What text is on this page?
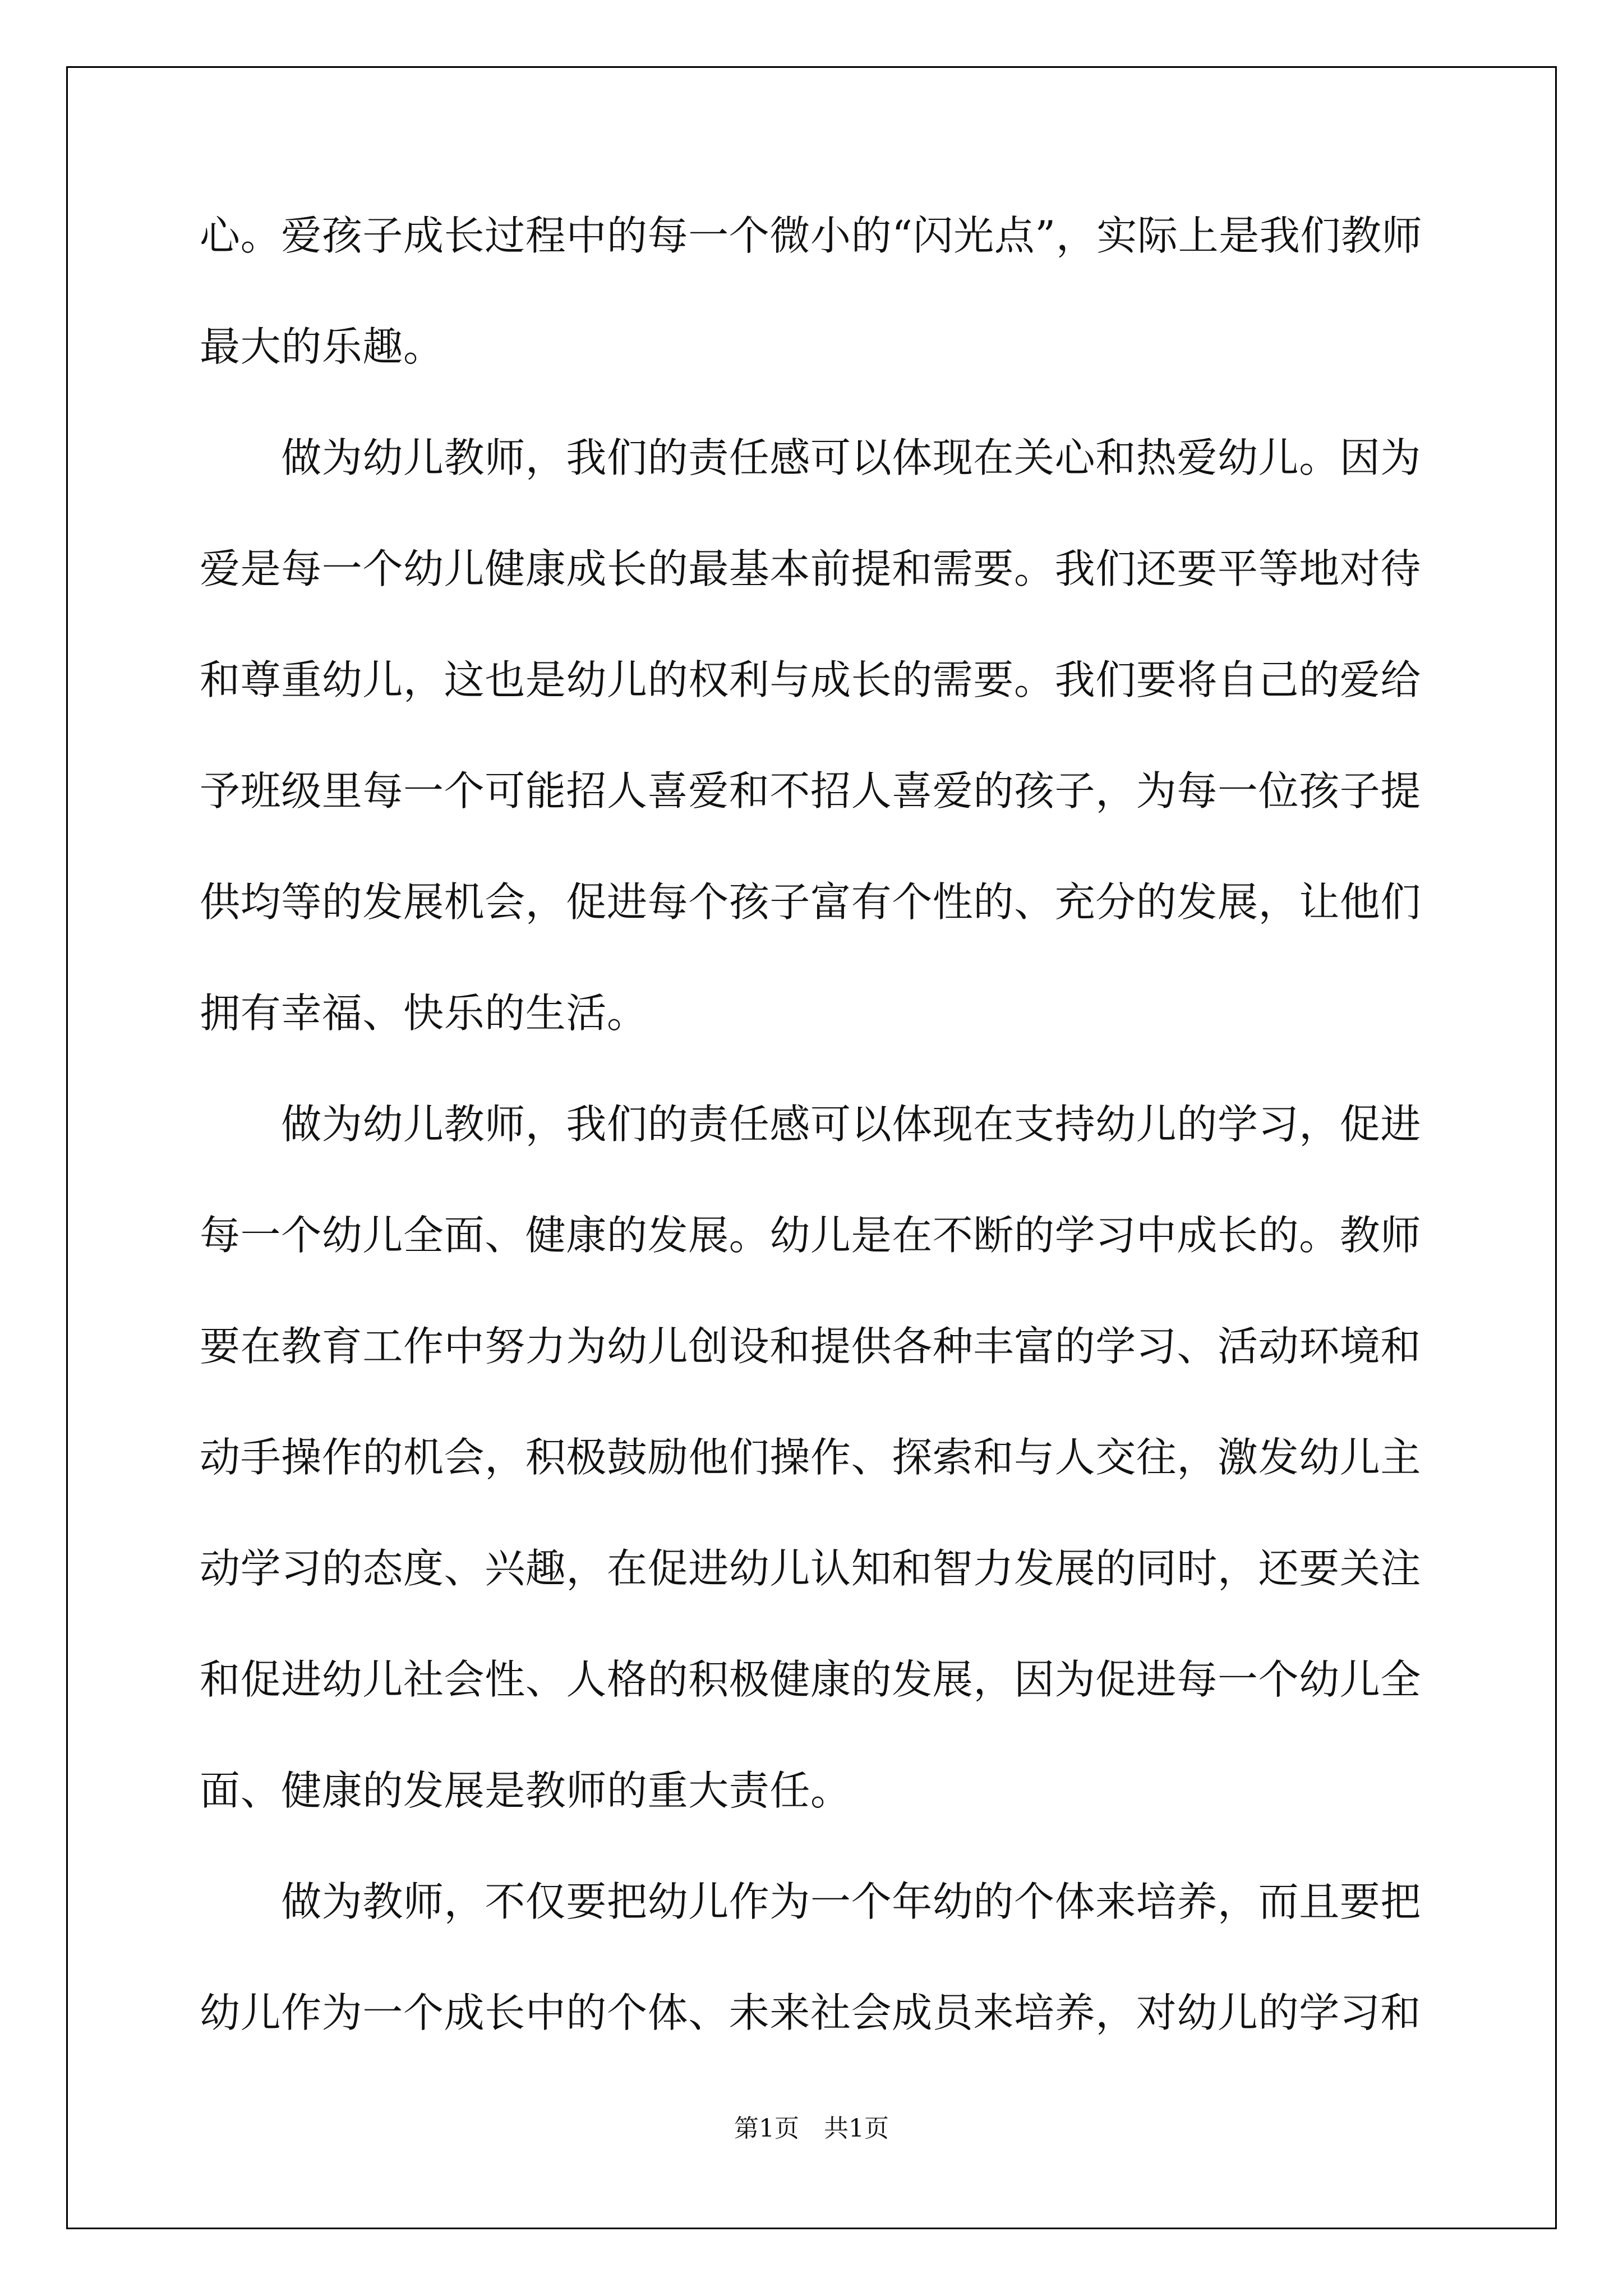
心。爱孩子成长过程中的每一个微小的“闪光点”，实际上是我们教师
最大的乐趣。
　　做为幼儿教师，我们的责任感可以体现在关心和热爱幼儿。因为
爱是每一个幼儿健康成长的最基本前提和需要。我们还要平等地对待
和尊重幼儿，这也是幼儿的权利与成长的需要。我们要将自己的爱给
予班级里每一个可能招人喜爱和不招人喜爱的孩子，为每一位孩子提
供均等的发展机会，促进每个孩子富有个性的、充分的发展，让他们
拥有幸福、快乐的生活。
　　做为幼儿教师，我们的责任感可以体现在支持幼儿的学习，促进
每一个幼儿全面、健康的发展。幼儿是在不断的学习中成长的。教师
要在教育工作中努力为幼儿创设和提供各种丰富的学习、活动环境和
动手操作的机会，积极鼓励他们操作、探索和与人交往，激发幼儿主
动学习的态度、兴趣，在促进幼儿认知和智力发展的同时，还要关注
和促进幼儿社会性、人格的积极健康的发展，因为促进每一个幼儿全
面、健康的发展是教师的重大责任。
　　做为教师，不仅要把幼儿作为一个年幼的个体来培养，而且要把
幼儿作为一个成长中的个体、未来社会成员来培养，对幼儿的学习和
第1页　共1页
